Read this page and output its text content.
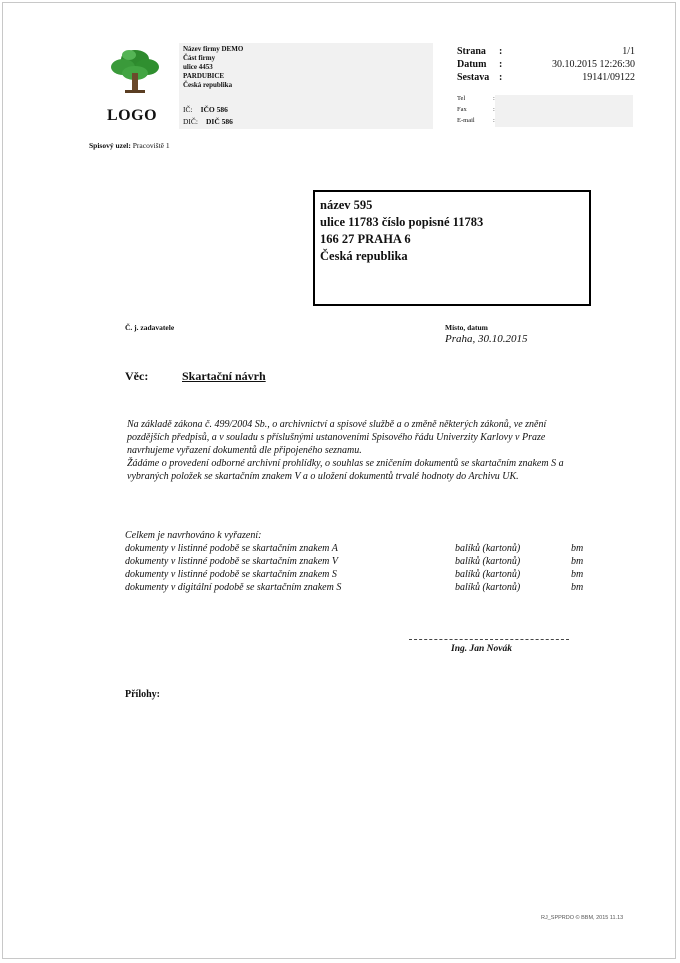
LOGO
Název firmy DEMO
Část firmy
ulice 4453
PARDUBICE
Česká republika
IČ: IČO 586
DIČ: DIČ 586
Strana :	1/1
Datum :	30.10.2015 12:26:30
Sestava :	19141/09122
Tel	:
Fax	:
E-mail	:
Spisový uzel: Pracoviště 1
název 595
ulice 11783 číslo popisné 11783
166 27 PRAHA 6
Česká republika
Č. j. zadavatele	Místo, datum
Praha, 30.10.2015
Věc:	Skartační návrh

Na základě zákona č. 499/2004 Sb., o archivnictví a spisové službě a o změně některých zákonů, ve znění pozdějších předpisů, a v souladu s příslušnými ustanoveními Spisového řádu Univerzity Karlovy v Praze navrhujeme vyřazení dokumentů dle připojeného seznamu.

Žádáme o provedení odborné archivní prohlídky, o souhlas se zničením dokumentů se skartačním znakem S a vybraných položek se skartačním znakem V a o uložení dokumentů trvalé hodnoty do Archivu UK.

Celkem je navrhováno k vyřazení:
dokumenty v listinné podobě se skartačním znakem A	balíků (kartonů)	bm
dokumenty v listinné podobě se skartačním znakem V	balíků (kartonů)	bm
dokumenty v listinné podobě se skartačním znakem S	balíků (kartonů)	bm
dokumenty v digitální podobě se skartačním znakem S	balíků (kartonů)	bm
Ing. Jan Novák
Přílohy:
RJ_SPPRDO © BBM, 2015 11.13
